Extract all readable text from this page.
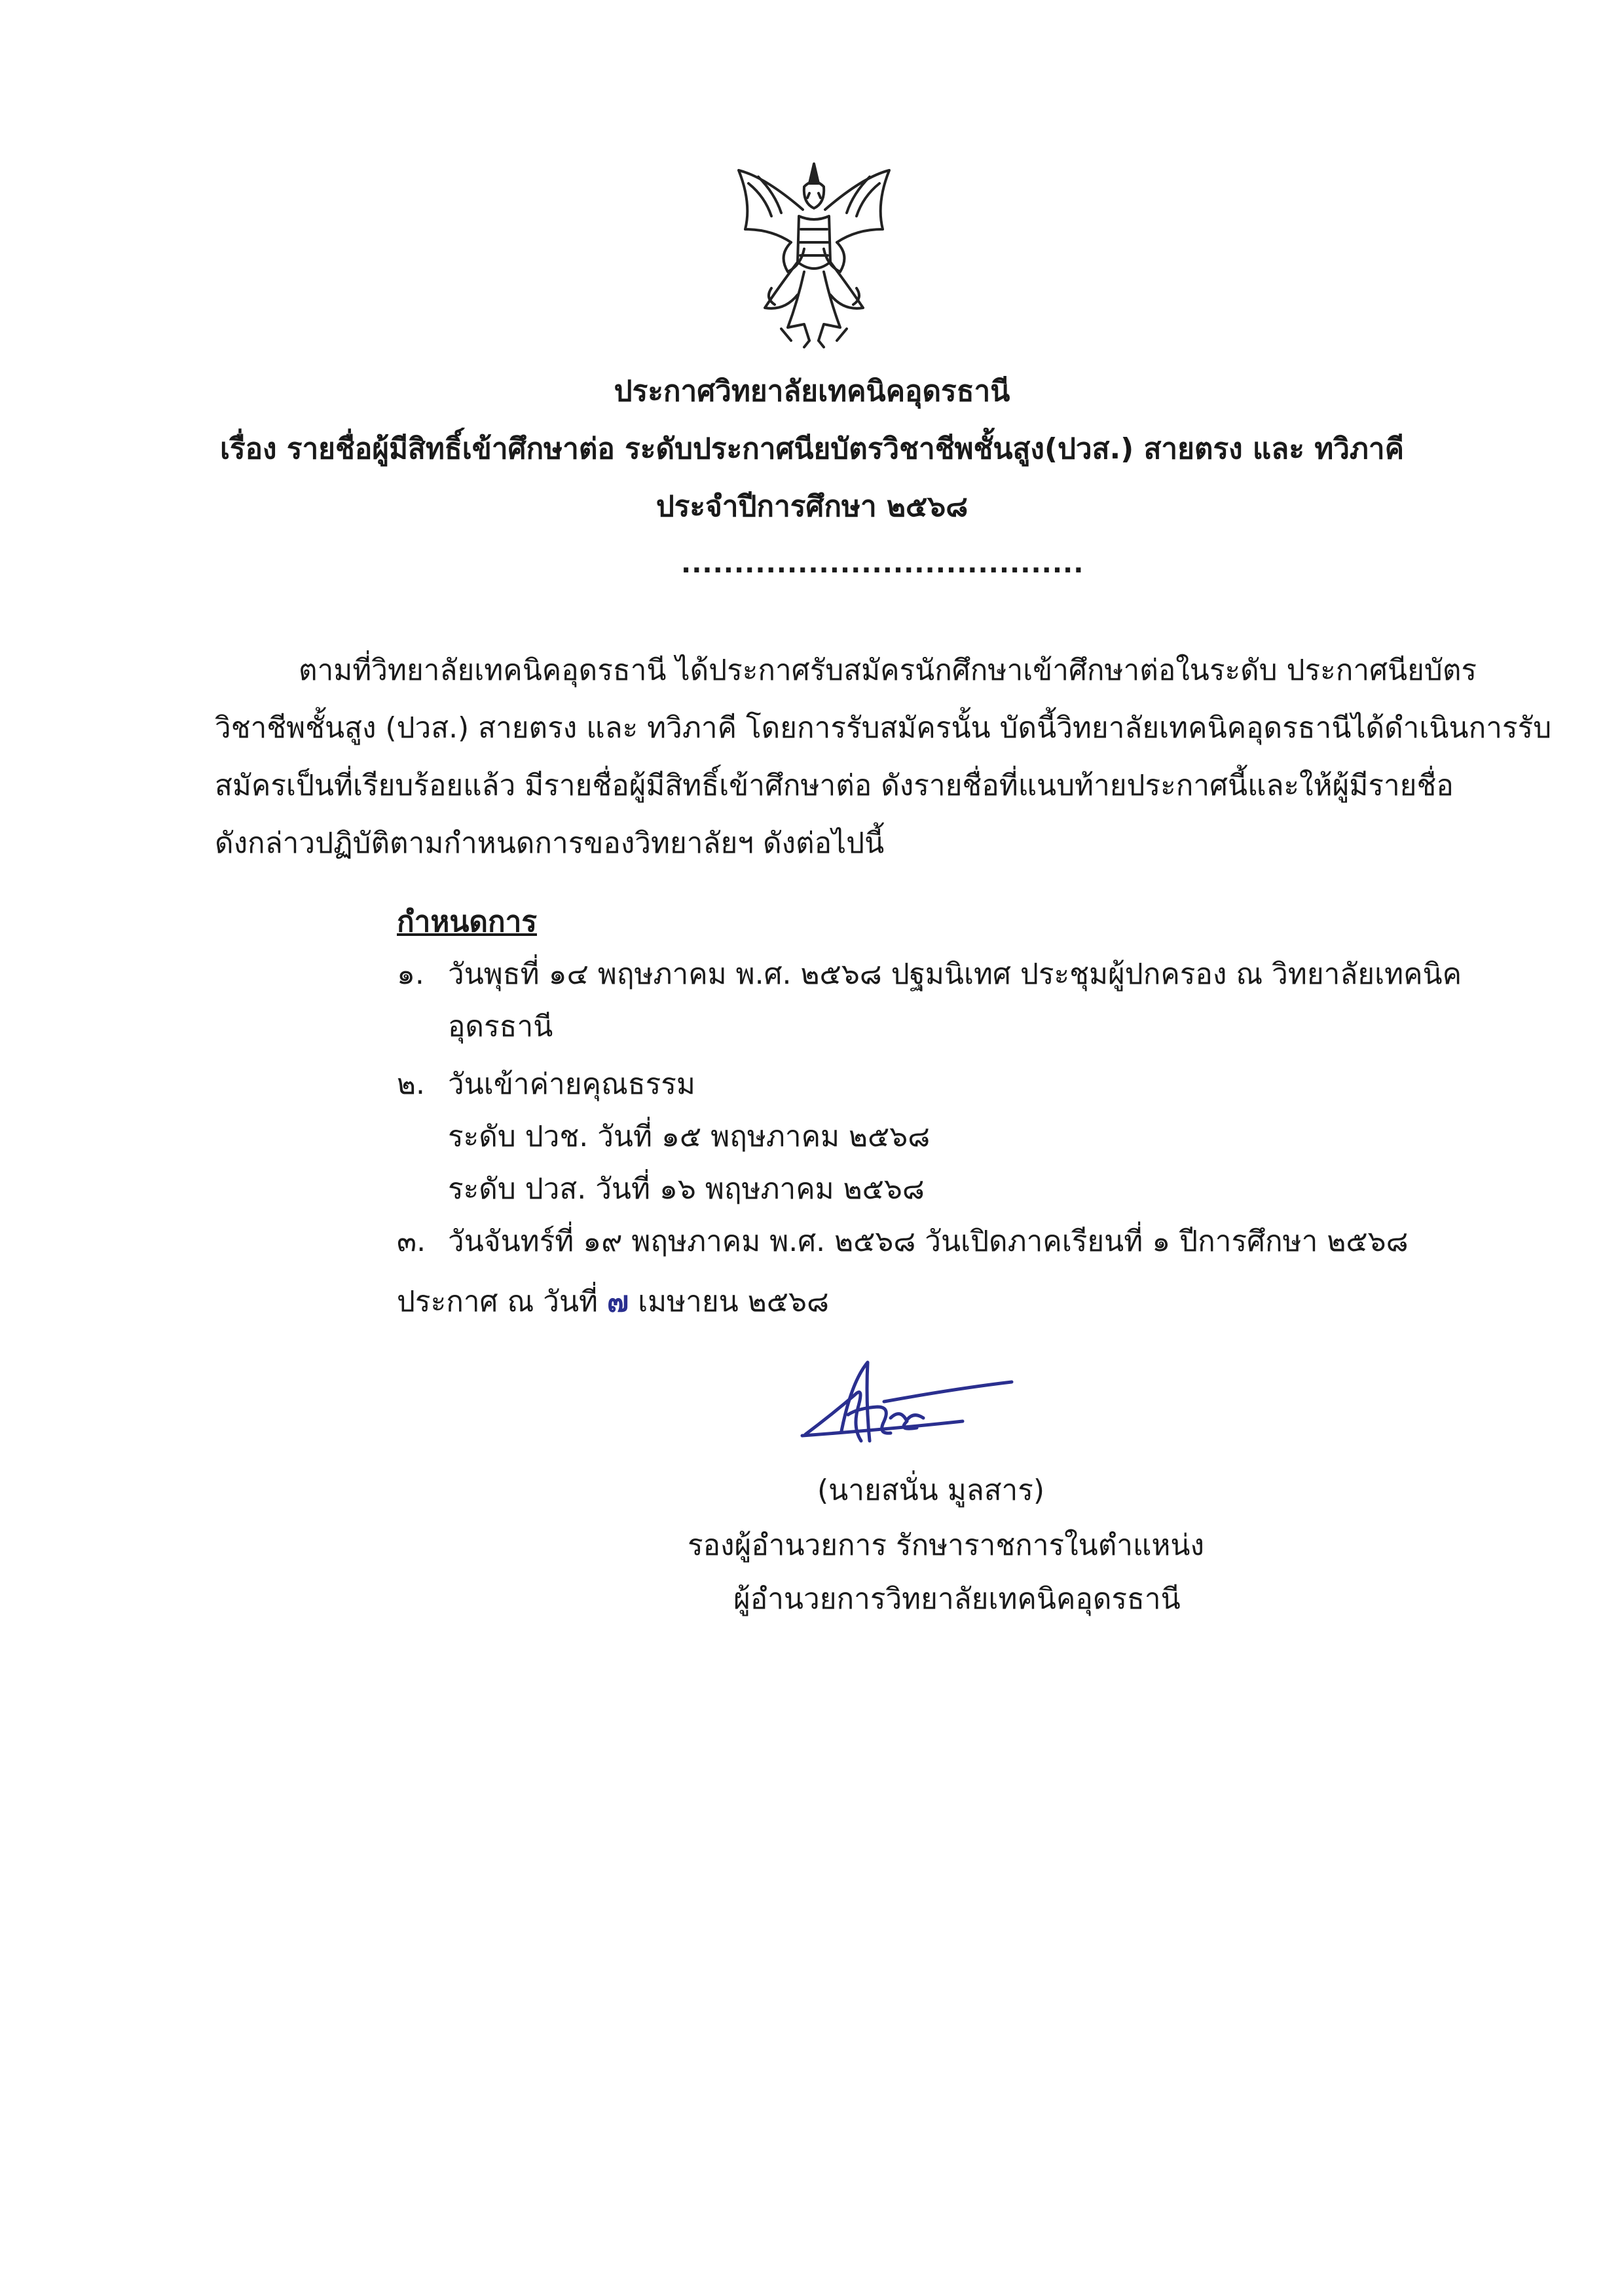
ประกาศวิทยาลัยเทคนิคอุดรธานี
เรื่อง รายชื่อผู้มีสิทธิ์เข้าศึกษาต่อ ระดับประกาศนียบัตรวิชาชีพชั้นสูง(ปวส.) สายตรง และ ทวิภาคี
ประจำปีการศึกษา ๒๕๖๘
......................................
ตามที่วิทยาลัยเทคนิคอุดรธานี ได้ประกาศรับสมัครนักศึกษาเข้าศึกษาต่อในระดับ ประกาศนียบัตร
วิชาชีพชั้นสูง (ปวส.) สายตรง และ ทวิภาคี โดยการรับสมัครนั้น บัดนี้วิทยาลัยเทคนิคอุดรธานีได้ดำเนินการรับ
สมัครเป็นที่เรียบร้อยแล้ว มีรายชื่อผู้มีสิทธิ์เข้าศึกษาต่อ ดังรายชื่อที่แนบท้ายประกาศนี้และให้ผู้มีรายชื่อ
ดังกล่าวปฏิบัติตามกำหนดการของวิทยาลัยฯ ดังต่อไปนี้
กำหนดการ
๑. วันพุธที่ ๑๔ พฤษภาคม พ.ศ. ๒๕๖๘ ปฐมนิเทศ ประชุมผู้ปกครอง ณ วิทยาลัยเทคนิค
อุดรธานี
๒. วันเข้าค่ายคุณธรรม
ระดับ ปวช. วันที่ ๑๕ พฤษภาคม ๒๕๖๘
ระดับ ปวส. วันที่ ๑๖ พฤษภาคม ๒๕๖๘
๓. วันจันทร์ที่ ๑๙ พฤษภาคม พ.ศ. ๒๕๖๘ วันเปิดภาคเรียนที่ ๑ ปีการศึกษา ๒๕๖๘
ประกาศ ณ วันที่ ๗ เมษายน ๒๕๖๘
(นายสนั่น มูลสาร)
รองผู้อำนวยการ รักษาราชการในตำแหน่ง
ผู้อำนวยการวิทยาลัยเทคนิคอุดรธานี
